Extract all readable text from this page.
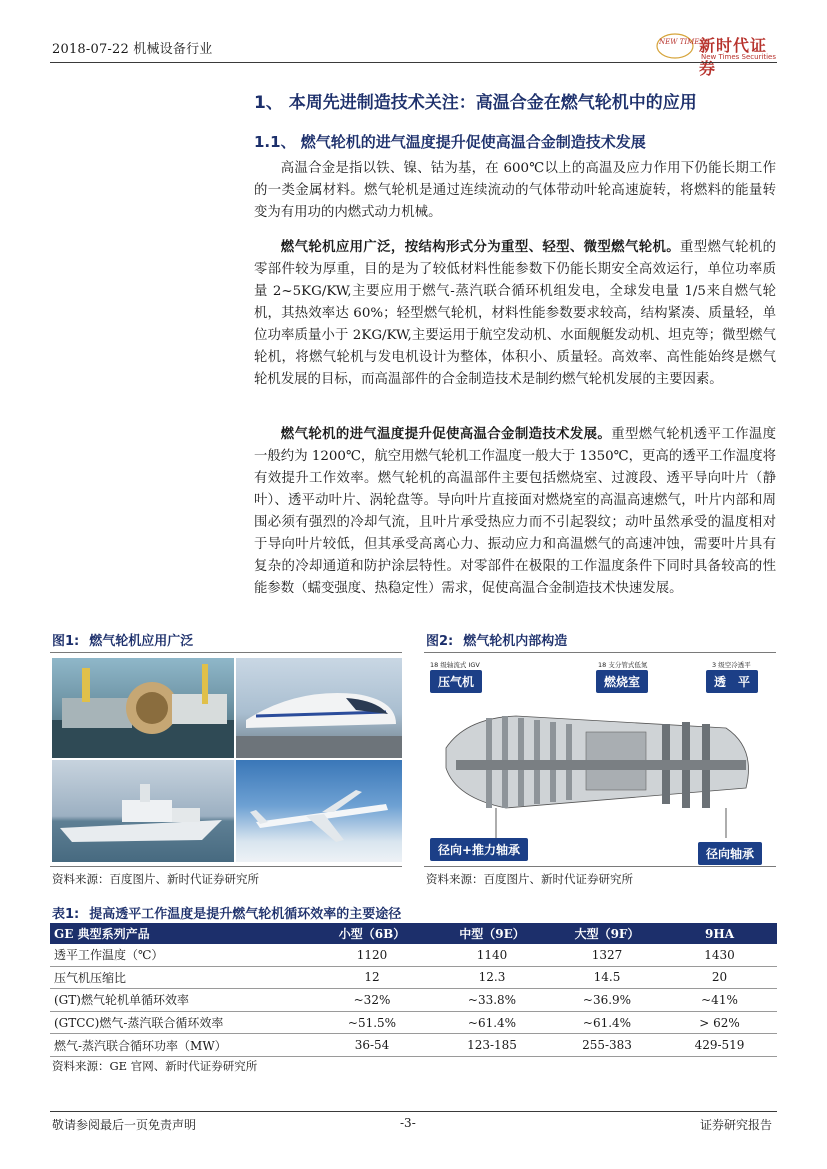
2018-07-22 机械设备行业	NEW TIMES
新时代证券
New Times Securities
1、 本周先进制造技术关注：高温合金在燃气轮机中的应用
1.1、 燃气轮机的进气温度提升促使高温合金制造技术发展

高温合金是指以铁、镍、钴为基，在 600℃以上的高温及应力作用下仍能长期工作的一类金属材料。燃气轮机是通过连续流动的气体带动叶轮高速旋转，将燃料的能量转变为有用功的内燃式动力机械。

燃气轮机应用广泛，按结构形式分为重型、轻型、微型燃气轮机。重型燃气轮机的零部件较为厚重，目的是为了较低材料性能参数下仍能长期安全高效运行，单位功率质量 2~5KG/KW,主要应用于燃气-蒸汽联合循环机组发电，全球发电量 1/5来自燃气轮机，其热效率达 60%；轻型燃气轮机，材料性能参数要求较高，结构紧凑、质量轻，单位功率质量小于 2KG/KW,主要运用于航空发动机、水面舰艇发动机、坦克等；微型燃气轮机，将燃气轮机与发电机设计为整体，体积小、质量轻。高效率、高性能始终是燃气轮机发展的目标，而高温部件的合金制造技术是制约燃气轮机发展的主要因素。

燃气轮机的进气温度提升促使高温合金制造技术发展。重型燃气轮机透平工作温度一般约为 1200℃，航空用燃气轮机工作温度一般大于 1350℃，更高的透平工作温度将有效提升工作效率。燃气轮机的高温部件主要包括燃烧室、过渡段、透平导向叶片（静叶）、透平动叶片、涡轮盘等。导向叶片直接面对燃烧室的高温高速燃气，叶片内部和周围必须有强烈的冷却气流，且叶片承受热应力而不引起裂纹；动叶虽然承受的温度相对于导向叶片较低，但其承受高离心力、振动应力和高温燃气的高速冲蚀，需要叶片具有复杂的冷却通道和防护涂层特性。对零部件在极限的工作温度条件下同时具备较高的性能参数（蠕变强度、热稳定性）需求，促使高温合金制造技术快速发展。

图1: 燃气轮机应用广泛
资料来源：百度图片、新时代证券研究所
图2: 燃气轮机内部构造
18 级轴流式 IGV	18 支分管式低氮	3 级空冷透平
压气机	燃烧室	透　平
径向+推力轴承	径向轴承
资料来源：百度图片、新时代证券研究所
表1: 提高透平工作温度是提升燃气轮机循环效率的主要途径
GE 典型系列产品	小型（6B）	中型（9E）	大型（9F）	9HA
透平工作温度（℃）	1120	1140	1327	1430
压气机压缩比	12	12.3	14.5	20
(GT)燃气轮机单循环效率	~32%	~33.8%	~36.9%	~41%
(GTCC)燃气-蒸汽联合循环效率	~51.5%	~61.4%	~61.4%	> 62%
燃气-蒸汽联合循环功率（MW）	36-54	123-185	255-383	429-519
资料来源：GE 官网、新时代证券研究所
敬请参阅最后一页免责声明	-3-	证券研究报告
